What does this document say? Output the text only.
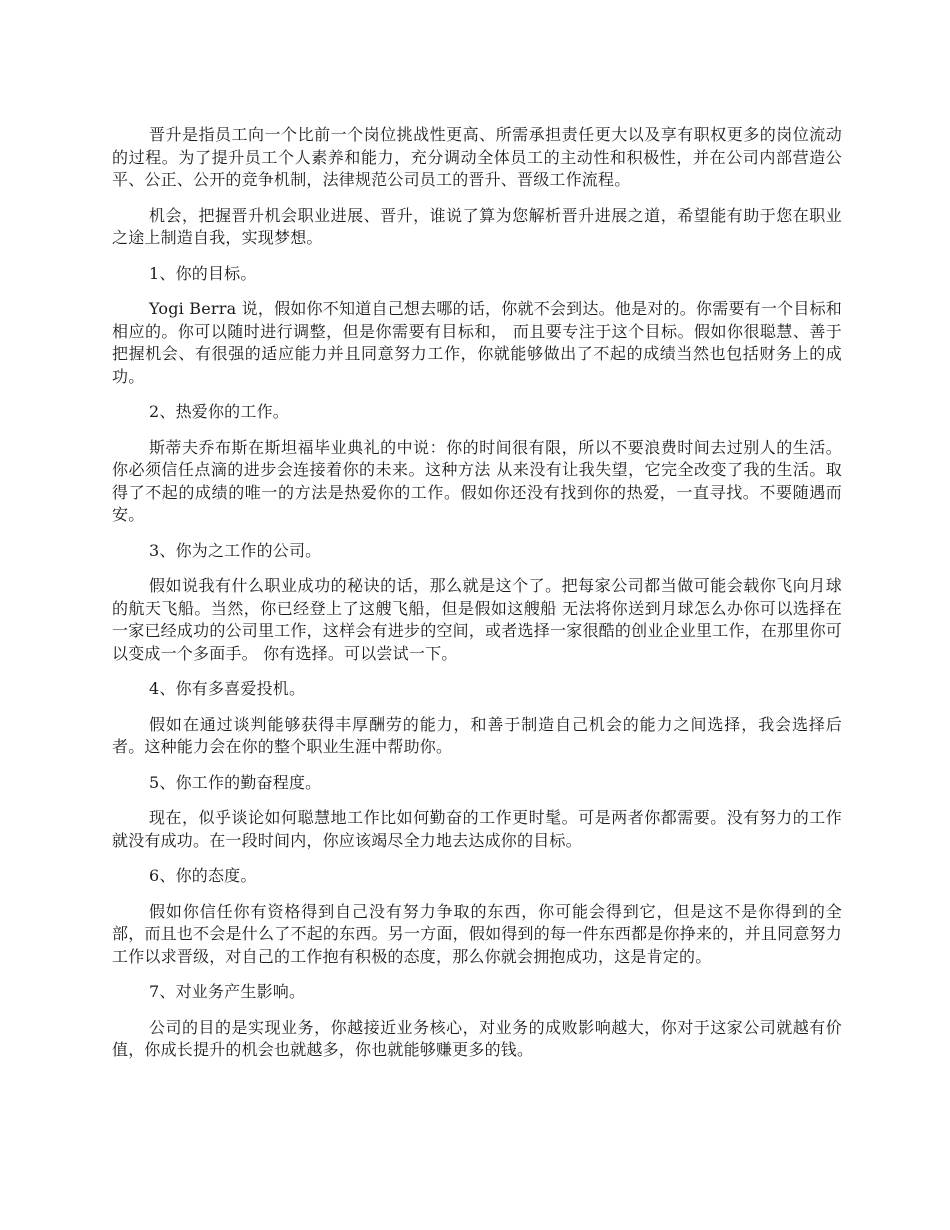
晋升是指员工向一个比前一个岗位挑战性更高、所需承担责任更大以及享有职权更多的岗位流动的过程。为了提升员工个人素养和能力，充分调动全体员工的主动性和积极性，并在公司内部营造公平、公正、公开的竞争机制，法律规范公司员工的晋升、晋级工作流程。

机会，把握晋升机会职业进展、晋升，谁说了算为您解析晋升进展之道，希望能有助于您在职业之途上制造自我，实现梦想。

1、你的目标。

Yogi Berra 说，假如你不知道自己想去哪的话，你就不会到达。他是对的。你需要有一个目标和相应的。你可以随时进行调整，但是你需要有目标和， 而且要专注于这个目标。假如你很聪慧、善于把握机会、有很强的适应能力并且同意努力工作，你就能够做出了不起的成绩当然也包括财务上的成功。

2、热爱你的工作。

斯蒂夫乔布斯在斯坦福毕业典礼的中说：你的时间很有限，所以不要浪费时间去过别人的生活。你必须信任点滴的进步会连接着你的未来。这种方法 从来没有让我失望，它完全改变了我的生活。取得了不起的成绩的唯一的方法是热爱你的工作。假如你还没有找到你的热爱，一直寻找。不要随遇而安。

3、你为之工作的公司。

假如说我有什么职业成功的秘诀的话，那么就是这个了。把每家公司都当做可能会载你飞向月球的航天飞船。当然，你已经登上了这艘飞船，但是假如这艘船 无法将你送到月球怎么办你可以选择在一家已经成功的公司里工作，这样会有进步的空间，或者选择一家很酷的创业企业里工作，在那里你可以变成一个多面手。 你有选择。可以尝试一下。

4、你有多喜爱投机。

假如在通过谈判能够获得丰厚酬劳的能力，和善于制造自己机会的能力之间选择，我会选择后者。这种能力会在你的整个职业生涯中帮助你。

5、你工作的勤奋程度。

现在，似乎谈论如何聪慧地工作比如何勤奋的工作更时髦。可是两者你都需要。没有努力的工作就没有成功。在一段时间内，你应该竭尽全力地去达成你的目标。

6、你的态度。

假如你信任你有资格得到自己没有努力争取的东西，你可能会得到它，但是这不是你得到的全部，而且也不会是什么了不起的东西。另一方面，假如得到的每一件东西都是你挣来的，并且同意努力工作以求晋级，对自己的工作抱有积极的态度，那么你就会拥抱成功，这是肯定的。

7、对业务产生影响。

公司的目的是实现业务，你越接近业务核心，对业务的成败影响越大，你对于这家公司就越有价值，你成长提升的机会也就越多，你也就能够赚更多的钱。
